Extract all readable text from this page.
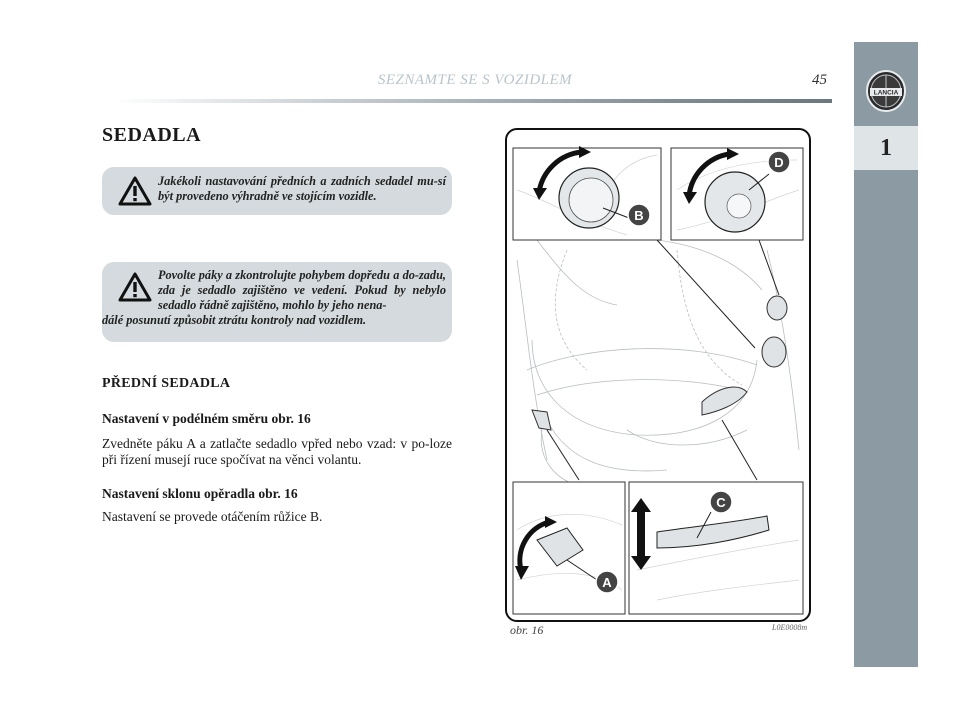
LANCIA
1
SEZNAMTE SE S VOZIDLEM	45
SEDADLA
Jakékoli nastavování předních a zadních sedadel mu-sí být provedeno výhradně ve stojícím vozidle.
Povolte páky a zkontrolujte pohybem dopředu a do-zadu, zda je sedadlo zajištěno ve vedení. Pokud by nebylo sedadlo řádně zajištěno, mohlo by jeho nena-
dálé posunutí způsobit ztrátu kontroly nad vozidlem.
PŘEDNÍ SEDADLA
Nastavení v podélném směru obr. 16

Zvedněte páku A a zatlačte sedadlo vpřed nebo vzad: v po-loze při řízení musejí ruce spočívat na věnci volantu.

Nastavení sklonu opěradla obr. 16

Nastavení se provede otáčením růžice B.

B
D
A
C
obr. 16	L0E0008m
